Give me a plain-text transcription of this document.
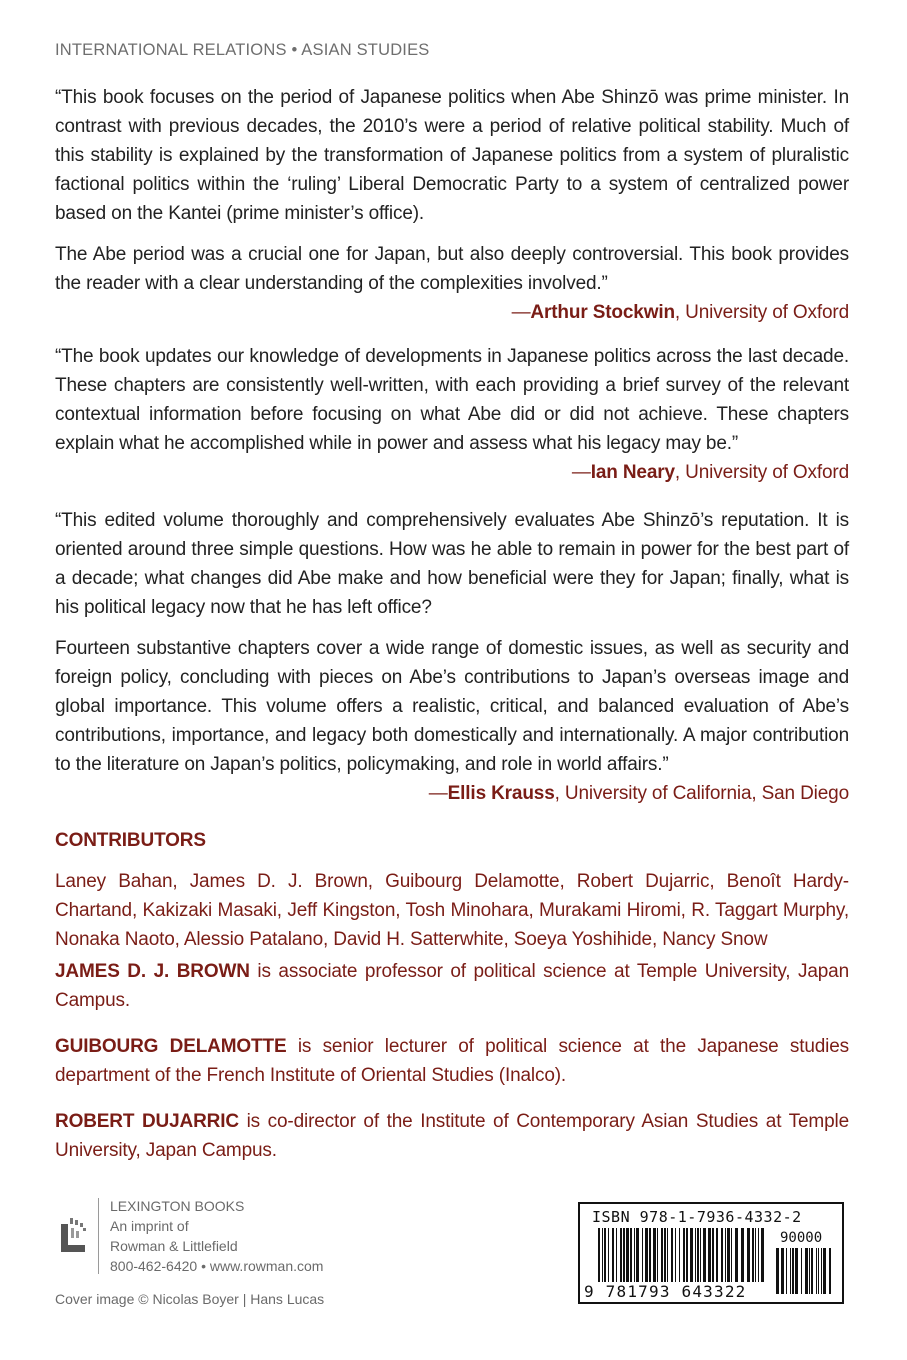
INTERNATIONAL RELATIONS • ASIAN STUDIES

“This book focuses on the period of Japanese politics when Abe Shinzō was prime minister. In contrast with previous decades, the 2010’s were a period of relative political stability. Much of this stability is explained by the transformation of Japanese politics from a system of pluralistic factional politics within the ‘ruling’ Liberal Democratic Party to a system of centralized power based on the Kantei (prime minister’s office).

The Abe period was a crucial one for Japan, but also deeply controversial. This book provides the reader with a clear understanding of the complexities involved.”

—Arthur Stockwin, University of Oxford

“The book updates our knowledge of developments in Japanese politics across the last decade. These chapters are consistently well-written, with each providing a brief survey of the relevant contextual information before focusing on what Abe did or did not achieve. These chapters explain what he accomplished while in power and assess what his legacy may be.”

—Ian Neary, University of Oxford

“This edited volume thoroughly and comprehensively evaluates Abe Shinzō’s reputation. It is oriented around three simple questions. How was he able to remain in power for the best part of a decade; what changes did Abe make and how beneficial were they for Japan; finally, what is his political legacy now that he has left office?

Fourteen substantive chapters cover a wide range of domestic issues, as well as security and foreign policy, concluding with pieces on Abe’s contributions to Japan’s overseas image and global importance. This volume offers a realistic, critical, and balanced evaluation of Abe’s contributions, importance, and legacy both domestically and internationally. A major contribution to the literature on Japan’s politics, policymaking, and role in world affairs.”

—Ellis Krauss, University of California, San Diego

CONTRIBUTORS

Laney Bahan, James D. J. Brown, Guibourg Delamotte, Robert Dujarric, Benoît Hardy-Chartand, Kakizaki Masaki, Jeff Kingston, Tosh Minohara, Murakami Hiromi, R. Taggart Murphy, Nonaka Naoto, Alessio Patalano, David H. Satterwhite, Soeya Yoshihide, Nancy Snow

JAMES D. J. BROWN is associate professor of political science at Temple University, Japan Campus.

GUIBOURG DELAMOTTE is senior lecturer of political science at the Japanese studies department of the French Institute of Oriental Studies (Inalco).

ROBERT DUJARRIC is co-director of the Institute of Contemporary Asian Studies at Temple University, Japan Campus.

LEXINGTON BOOKS
An imprint of
Rowman & Littlefield
800-462-6420 • www.rowman.com
Cover image © Nicolas Boyer | Hans Lucas
ISBN 978-1-7936-4332-2
90000
9 781793 643322
